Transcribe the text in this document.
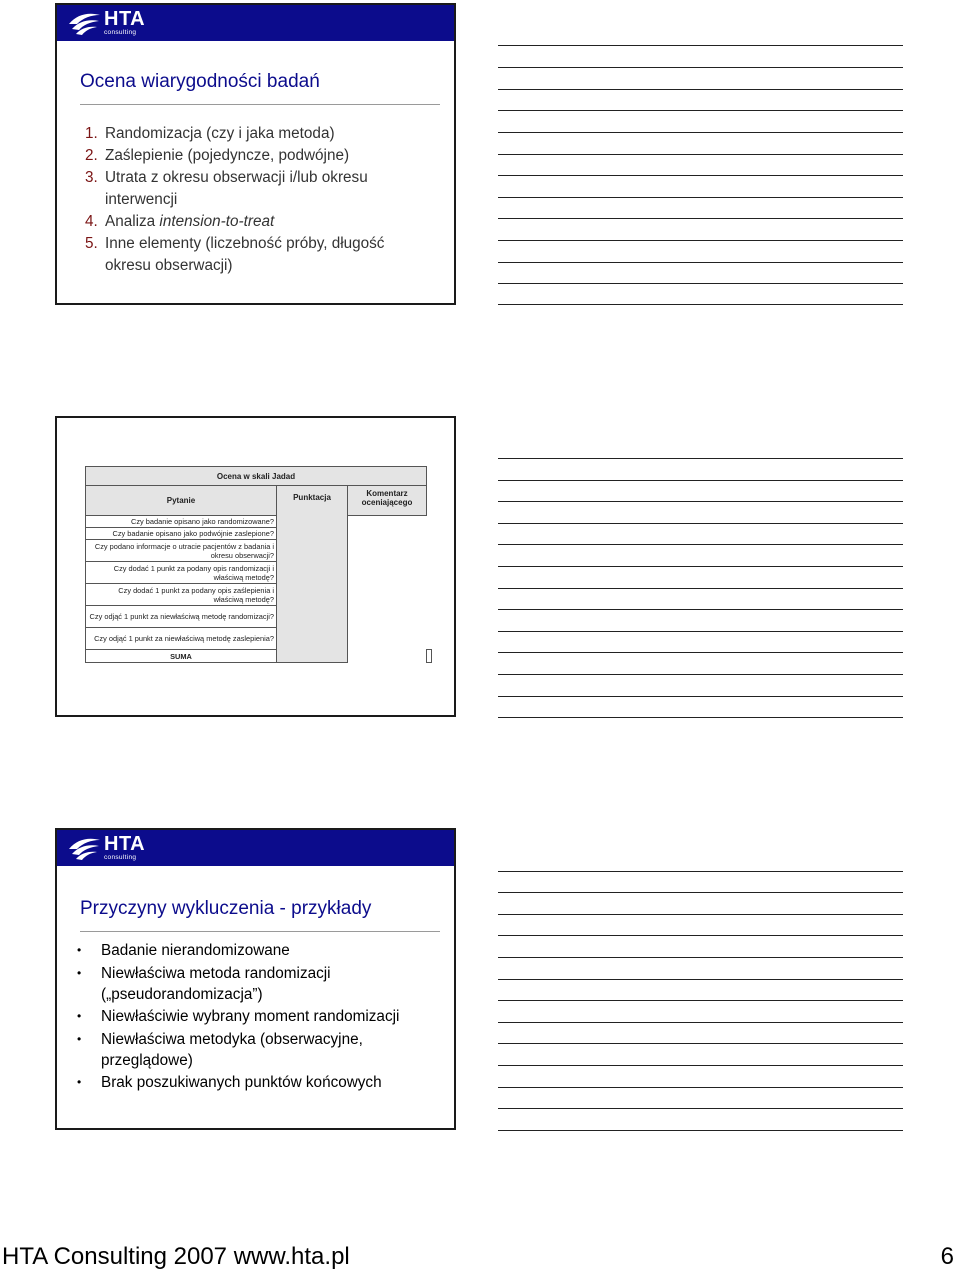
HTA
consulting
Ocena wiarygodności badań
1. Randomizacja (czy i jaka metoda)
2. Zaślepienie (pojedyncze, podwójne)
3. Utrata z okresu obserwacji i/lub okresu interwencji
4. Analiza intension-to-treat
5. Inne elementy (liczebność próby, długość okresu obserwacji)
Ocena w skali Jadad			
Pytanie	Punktacja	Komentarz oceniającego	
Czy badanie opisano jako randomizowane?			
Czy badanie opisano jako podwójnie zaslepione?			
Czy podano informacje o utracie pacjentów z badania i okresu obserwacji?			
Czy dodać 1 punkt za podany opis randomizacji i właściwą metodę?			
Czy dodać 1 punkt za podany opis zaślepienia i właściwą metodę?			
Czy odjąć 1 punkt za niewłaściwą metodę randomizacji?			
Czy odjąć 1 punkt za niewłaściwą metodę zaslepienia?			
SUMA			
HTA
consulting
Przyczyny wykluczenia - przykłady
•	Badanie nierandomizowane
•	Niewłaściwa metoda randomizacji („pseudorandomizacja”)
•	Niewłaściwie wybrany moment randomizacji
•	Niewłaściwa metodyka (obserwacyjne, przeglądowe)
•	Brak poszukiwanych punktów końcowych
HTA Consulting 2007 www.hta.pl	6
